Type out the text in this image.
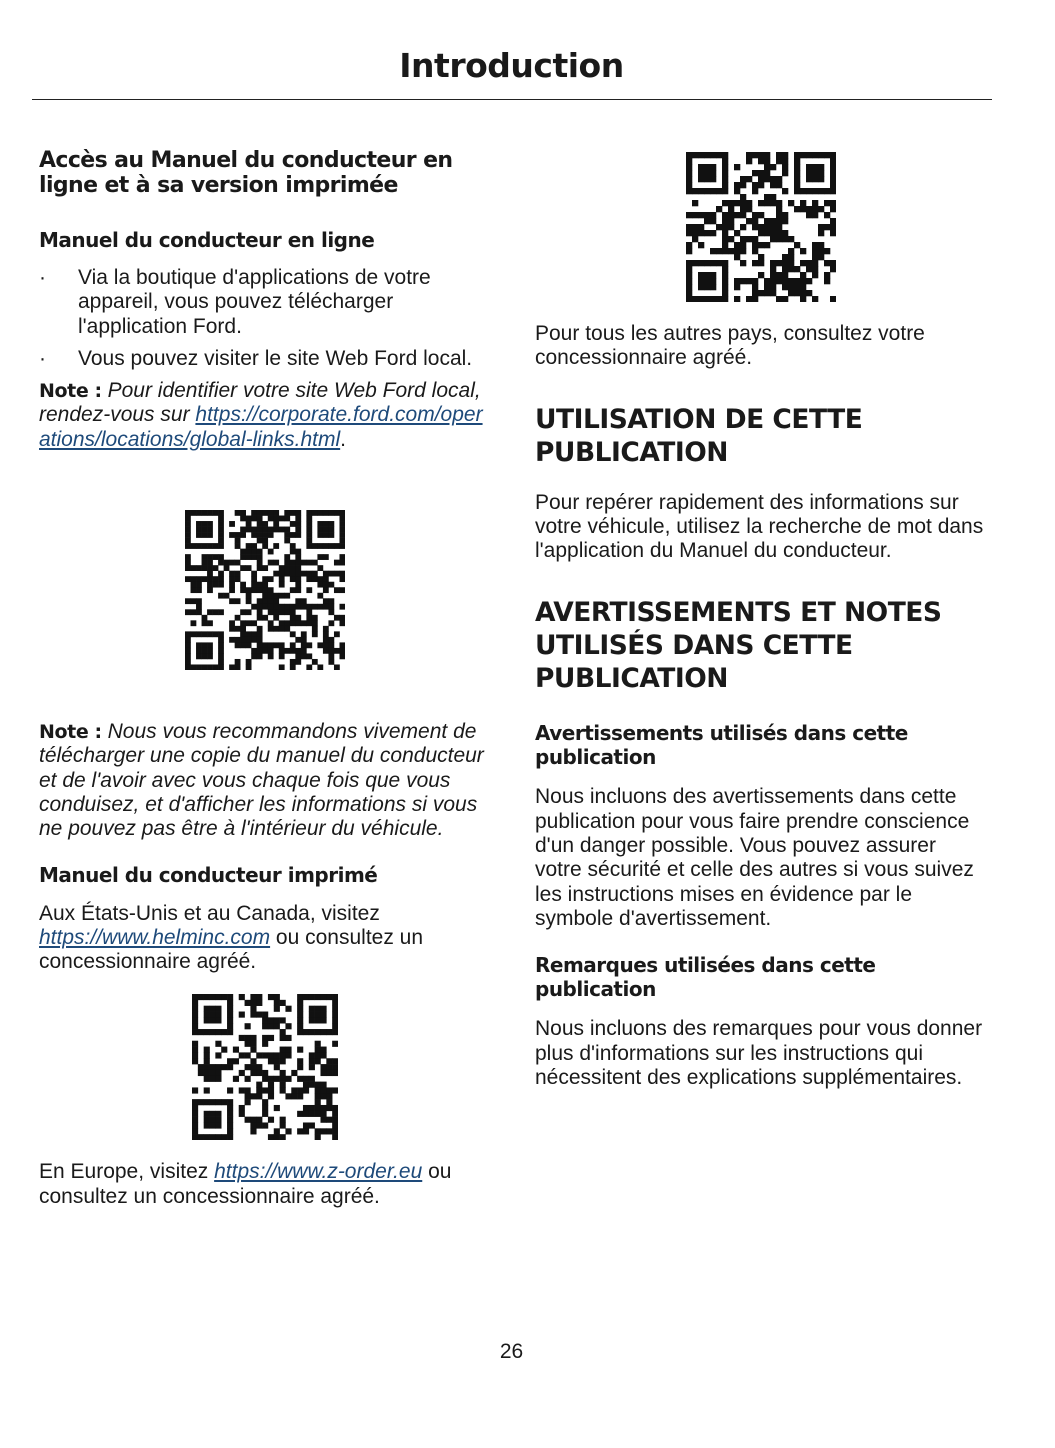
Introduction
Accès au Manuel du conducteur en ligne et à sa version imprimée
Manuel du conducteur en ligne
· Via la boutique d'applications de votre appareil, vous pouvez télécharger l'application Ford.
· Vous pouvez visiter le site Web Ford local.

Note : Pour identifier votre site Web Ford local, rendez-vous sur https://corporate.ford.com/operations/locations/global-links.html.

Note : Nous vous recommandons vivement de télécharger une copie du manuel du conducteur et de l'avoir avec vous chaque fois que vous conduisez, et d'afficher les informations si vous ne pouvez pas être à l'intérieur du véhicule.

Manuel du conducteur imprimé

Aux États-Unis et au Canada, visitez https://www.helminc.com ou consultez un concessionnaire agréé.

En Europe, visitez https://www.z-order.eu ou consultez un concessionnaire agréé.

Pour tous les autres pays, consultez votre concessionnaire agréé.

UTILISATION DE CETTE PUBLICATION

Pour repérer rapidement des informations sur votre véhicule, utilisez la recherche de mot dans l'application du Manuel du conducteur.

AVERTISSEMENTS ET NOTES UTILISÉS DANS CETTE PUBLICATION
Avertissements utilisés dans cette publication

Nous incluons des avertissements dans cette publication pour vous faire prendre conscience d'un danger possible. Vous pouvez assurer votre sécurité et celle des autres si vous suivez les instructions mises en évidence par le symbole d'avertissement.

Remarques utilisées dans cette publication

Nous incluons des remarques pour vous donner plus d'informations sur les instructions qui nécessitent des explications supplémentaires.

26
